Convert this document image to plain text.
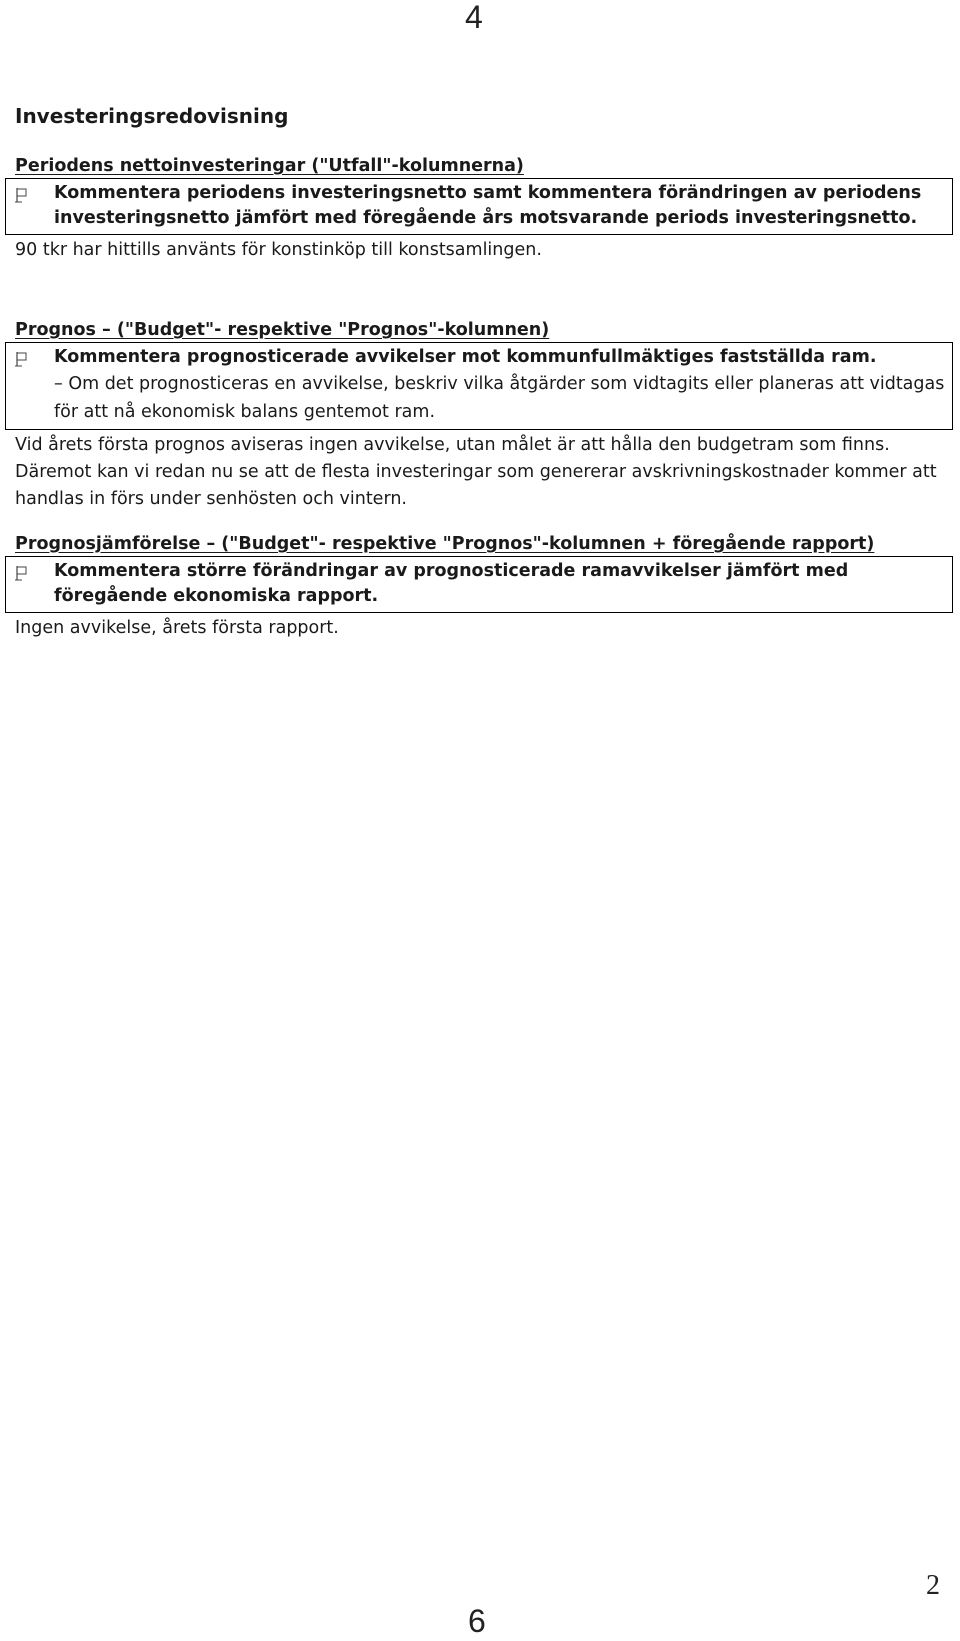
4
Investeringsredovisning
Periodens nettoinvesteringar ("Utfall"-kolumnerna)
Kommentera periodens investeringsnetto samt kommentera förändringen av periodens investeringsnetto jämfört med föregående års motsvarande periods investeringsnetto.

90 tkr har hittills använts för konstinköp till konstsamlingen.

Prognos – ("Budget"- respektive "Prognos"-kolumnen)
Kommentera prognosticerade avvikelser mot kommunfullmäktiges fastställda ram.
– Om det prognosticeras en avvikelse, beskriv vilka åtgärder som vidtagits eller planeras att vidtagas för att nå ekonomisk balans gentemot ram.

Vid årets första prognos aviseras ingen avvikelse, utan målet är att hålla den budgetram som finns. Däremot kan vi redan nu se att de flesta investeringar som genererar avskrivningskostnader kommer att handlas in förs under senhösten och vintern.

Prognosjämförelse – ("Budget"- respektive "Prognos"-kolumnen + föregående rapport)
Kommentera större förändringar av prognosticerade ramavvikelser jämfört med föregående ekonomiska rapport.

Ingen avvikelse, årets första rapport.

2
6
